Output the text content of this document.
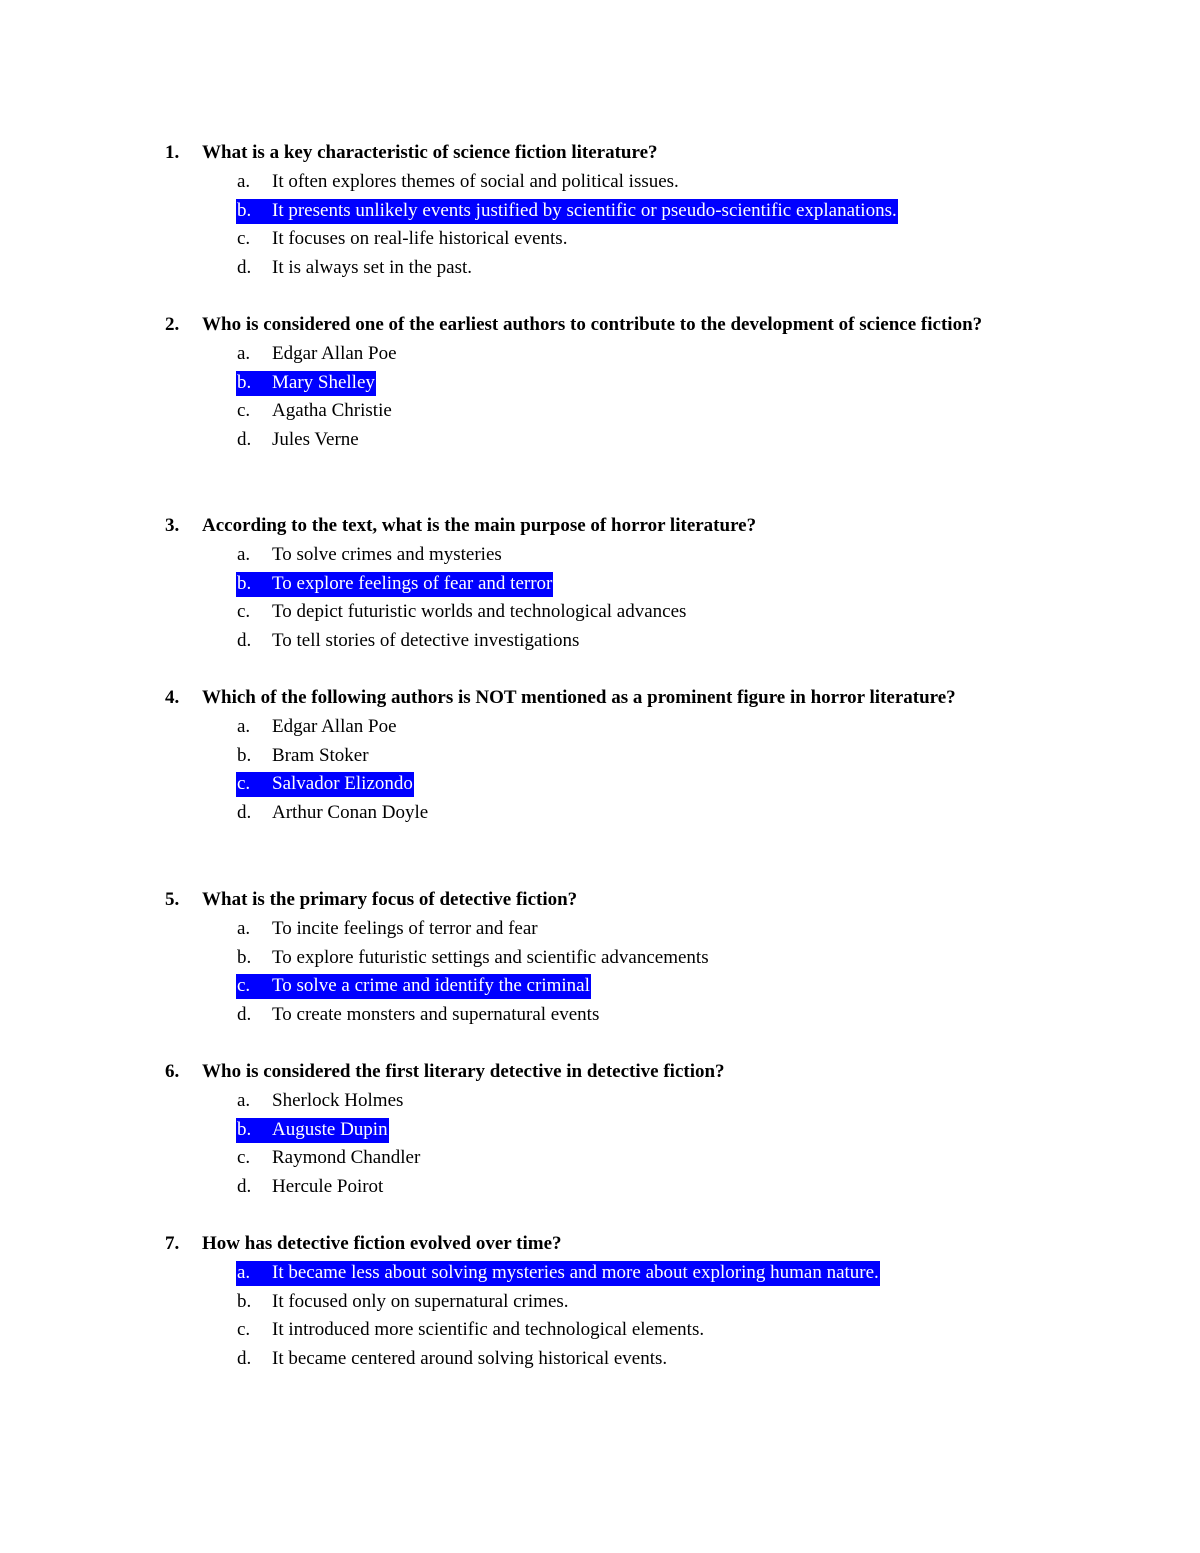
1. What is a key characteristic of science fiction literature?
a. It often explores themes of social and political issues.
b. It presents unlikely events justified by scientific or pseudo-scientific explanations.
c. It focuses on real-life historical events.
d. It is always set in the past.
2. Who is considered one of the earliest authors to contribute to the development of science fiction?
a. Edgar Allan Poe
b. Mary Shelley
c. Agatha Christie
d. Jules Verne
3. According to the text, what is the main purpose of horror literature?
a. To solve crimes and mysteries
b. To explore feelings of fear and terror
c. To depict futuristic worlds and technological advances
d. To tell stories of detective investigations
4. Which of the following authors is NOT mentioned as a prominent figure in horror literature?
a. Edgar Allan Poe
b. Bram Stoker
c. Salvador Elizondo
d. Arthur Conan Doyle
5. What is the primary focus of detective fiction?
a. To incite feelings of terror and fear
b. To explore futuristic settings and scientific advancements
c. To solve a crime and identify the criminal
d. To create monsters and supernatural events
6. Who is considered the first literary detective in detective fiction?
a. Sherlock Holmes
b. Auguste Dupin
c. Raymond Chandler
d. Hercule Poirot
7. How has detective fiction evolved over time?
a. It became less about solving mysteries and more about exploring human nature.
b. It focused only on supernatural crimes.
c. It introduced more scientific and technological elements.
d. It became centered around solving historical events.
